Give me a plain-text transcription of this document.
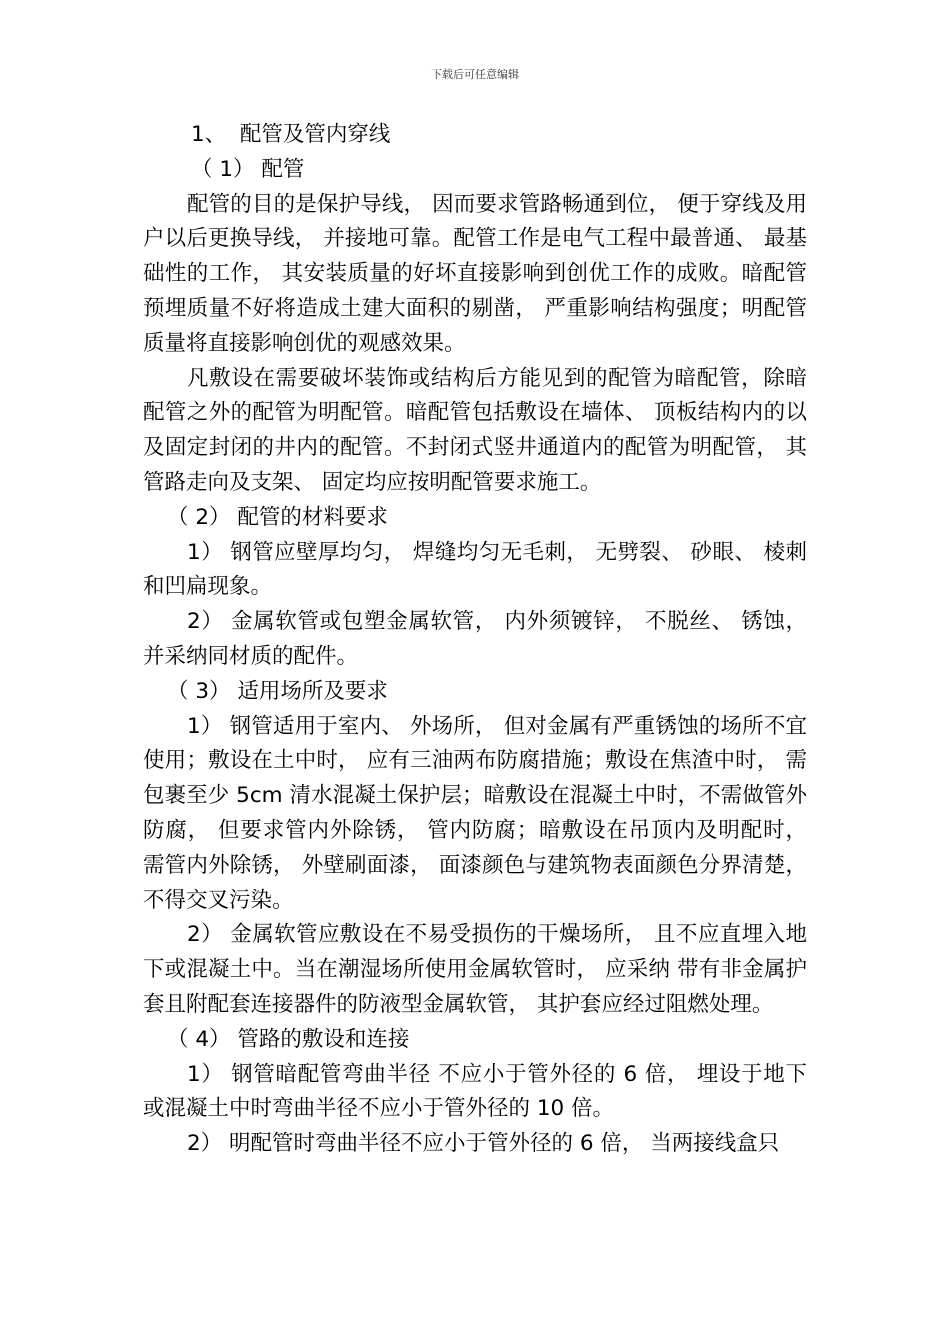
下载后可任意编辑
1、  配管及管内穿线
（ 1） 配管
配管的目的是保护导线， 因而要求管路畅通到位， 便于穿线及用户以后更换导线， 并接地可靠。配管工作是电气工程中最普通、 最基础性的工作， 其安装质量的好坏直接影响到创优工作的成败。暗配管预埋质量不好将造成土建大面积的剔凿， 严重影响结构强度；明配管质量将直接影响创优的观感效果。
凡敷设在需要破坏装饰或结构后方能见到的配管为暗配管，除暗配管之外的配管为明配管。暗配管包括敷设在墙体、 顶板结构内的以及固定封闭的井内的配管。不封闭式竖井通道内的配管为明配管， 其管路走向及支架、 固定均应按明配管要求施工。
（ 2） 配管的材料要求
1） 钢管应壁厚均匀， 焊缝均匀无毛刺， 无劈裂、 砂眼、 棱刺和凹扁现象。
2） 金属软管或包塑金属软管， 内外须镀锌， 不脱丝、 锈蚀，并采纳同材质的配件。
（ 3） 适用场所及要求
1） 钢管适用于室内、 外场所， 但对金属有严重锈蚀的场所不宜使用；敷设在土中时， 应有三油两布防腐措施；敷设在焦渣中时， 需包裹至少 5cm 清水混凝土保护层；暗敷设在混凝土中时，不需做管外防腐， 但要求管内外除锈， 管内防腐；暗敷设在吊顶内及明配时， 需管内外除锈， 外壁刷面漆， 面漆颜色与建筑物表面颜色分界清楚， 不得交叉污染。
2） 金属软管应敷设在不易受损伤的干燥场所， 且不应直埋入地下或混凝土中。当在潮湿场所使用金属软管时， 应采纳 带有非金属护套且附配套连接器件的防液型金属软管， 其护套应经过阻燃处理。
（ 4） 管路的敷设和连接
1） 钢管暗配管弯曲半径 不应小于管外径的 6 倍， 埋设于地下或混凝土中时弯曲半径不应小于管外径的 10 倍。
2） 明配管时弯曲半径不应小于管外径的 6 倍， 当两接线盒只
